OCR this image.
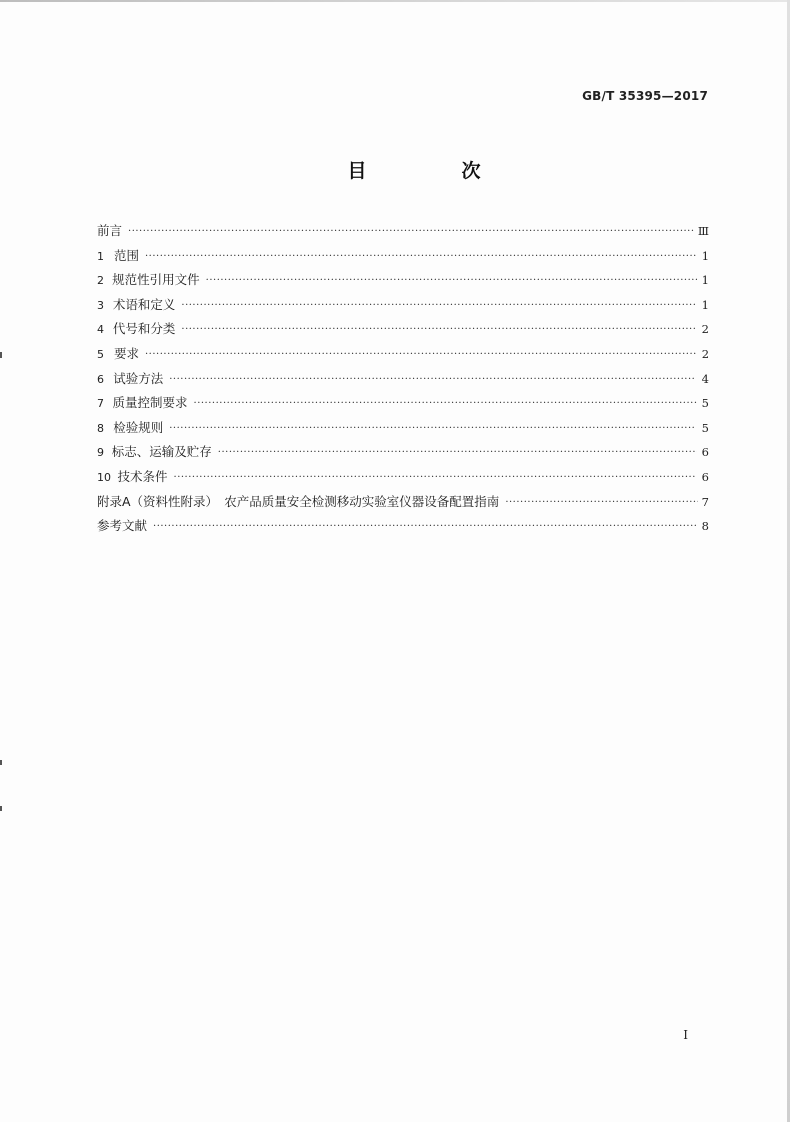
GB/T 35395—2017
目　次
前言 ·····	Ⅲ
1 范围 ·····	1
2 规范性引用文件 ·····	1
3 术语和定义 ·····	1
4 代号和分类 ·····	2
5 要求 ·····	2
6 试验方法 ·····	4
7 质量控制要求 ·····	5
8 检验规则 ·····	5
9 标志、运输及贮存 ·····	6
10 技术条件 ·····	6
附录A（资料性附录）　农产品质量安全检测移动实验室仪器设备配置指南 ·····	7
参考文献 ·····	8
I
